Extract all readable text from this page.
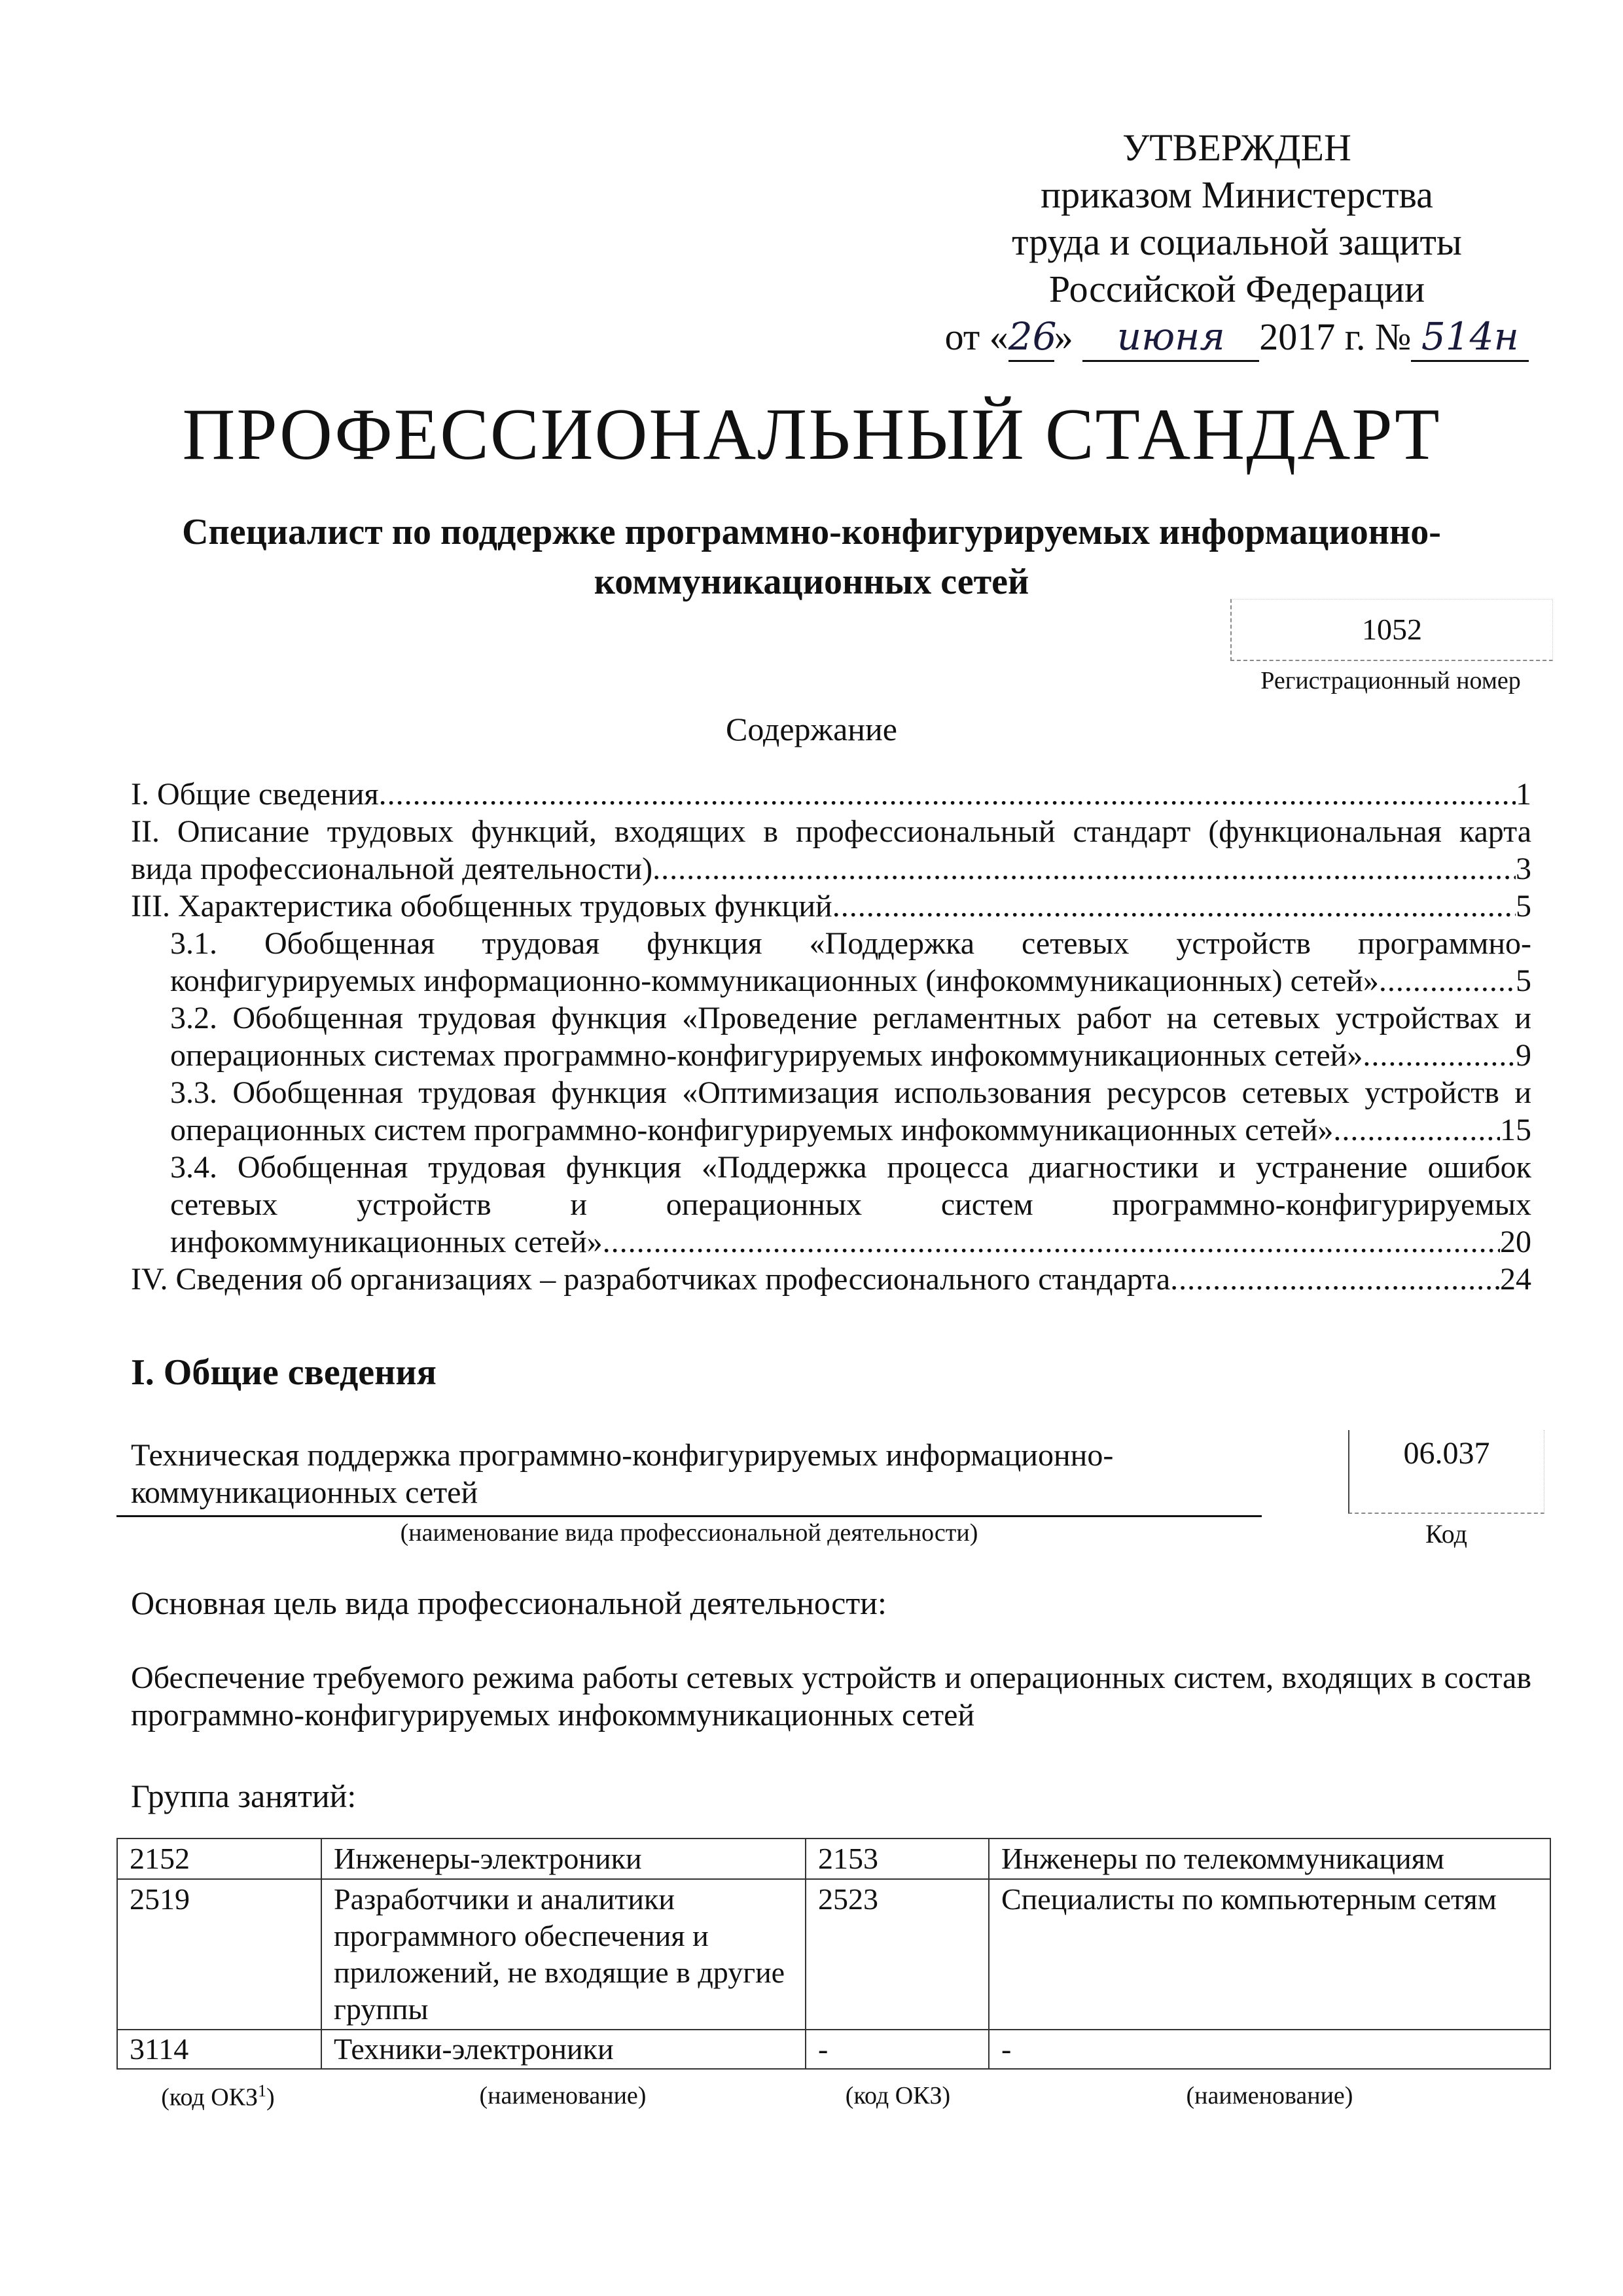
УТВЕРЖДЕН
приказом Министерства
труда и социальной защиты
Российской Федерации
от «26» июня 2017 г. № 514н
ПРОФЕССИОНАЛЬНЫЙ СТАНДАРТ
Специалист по поддержке программно-конфигурируемых информационно-коммуникационных сетей
1052
Регистрационный номер
Содержание
I. Общие сведения .....	1
II. Описание трудовых функций, входящих в профессиональный стандарт (функциональная карта
вида профессиональной деятельности) .....	3
III. Характеристика обобщенных трудовых функций .....	5
3.1. Обобщенная трудовая функция «Поддержка сетевых устройств программно-
конфигурируемых информационно-коммуникационных (инфокоммуникационных) сетей» .....	5
3.2. Обобщенная трудовая функция «Проведение регламентных работ на сетевых устройствах и
операционных системах программно-конфигурируемых инфокоммуникационных сетей» .....	9
3.3. Обобщенная трудовая функция «Оптимизация использования ресурсов сетевых устройств и
операционных систем программно-конфигурируемых инфокоммуникационных сетей» .....	15
3.4. Обобщенная трудовая функция «Поддержка процесса диагностики и устранение ошибок
сетевых устройств и операционных систем программно-конфигурируемых
инфокоммуникационных сетей» .....	20
IV. Сведения об организациях – разработчиках профессионального стандарта .....	24
I. Общие сведения
Техническая поддержка программно-конфигурируемых информационно-коммуникационных сетей
(наименование вида профессиональной деятельности)
06.037
Код
Основная цель вида профессиональной деятельности:
Обеспечение требуемого режима работы сетевых устройств и операционных систем, входящих в состав программно-конфигурируемых инфокоммуникационных сетей
Группа занятий:
2152	Инженеры-электроники	2153	Инженеры по телекоммуникациям
2519	Разработчики и аналитики программного обеспечения и приложений, не входящие в другие группы	2523	Специалисты по компьютерным сетям
3114	Техники-электроники	-	-
(код ОКЗ$^1$)	(наименование)	(код ОКЗ)	(наименование)
